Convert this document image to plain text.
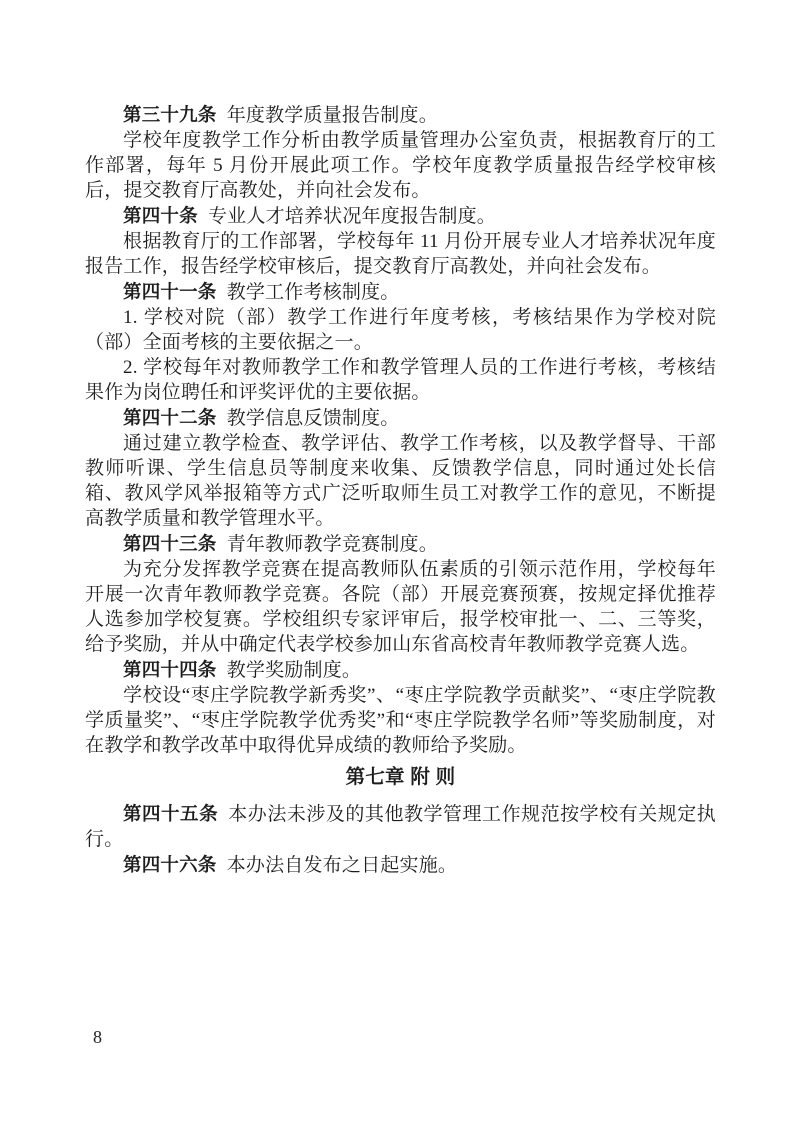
第三十九条 年度教学质量报告制度。

学校年度教学工作分析由教学质量管理办公室负责，根据教育厅的工作部署，每年 5 月份开展此项工作。学校年度教学质量报告经学校审核后，提交教育厅高教处，并向社会发布。

第四十条 专业人才培养状况年度报告制度。

根据教育厅的工作部署，学校每年 11 月份开展专业人才培养状况年度报告工作，报告经学校审核后，提交教育厅高教处，并向社会发布。

第四十一条 教学工作考核制度。

1. 学校对院（部）教学工作进行年度考核，考核结果作为学校对院（部）全面考核的主要依据之一。

2. 学校每年对教师教学工作和教学管理人员的工作进行考核，考核结果作为岗位聘任和评奖评优的主要依据。

第四十二条 教学信息反馈制度。

通过建立教学检查、教学评估、教学工作考核，以及教学督导、干部教师听课、学生信息员等制度来收集、反馈教学信息，同时通过处长信箱、教风学风举报箱等方式广泛听取师生员工对教学工作的意见，不断提高教学质量和教学管理水平。

第四十三条 青年教师教学竞赛制度。

为充分发挥教学竞赛在提高教师队伍素质的引领示范作用，学校每年开展一次青年教师教学竞赛。各院（部）开展竞赛预赛，按规定择优推荐人选参加学校复赛。学校组织专家评审后，报学校审批一、二、三等奖，给予奖励，并从中确定代表学校参加山东省高校青年教师教学竞赛人选。

第四十四条 教学奖励制度。

学校设“枣庄学院教学新秀奖”、“枣庄学院教学贡献奖”、“枣庄学院教学质量奖”、“枣庄学院教学优秀奖”和“枣庄学院教学名师”等奖励制度，对在教学和教学改革中取得优异成绩的教师给予奖励。

第七章 附 则

第四十五条 本办法未涉及的其他教学管理工作规范按学校有关规定执行。

第四十六条 本办法自发布之日起实施。

8
